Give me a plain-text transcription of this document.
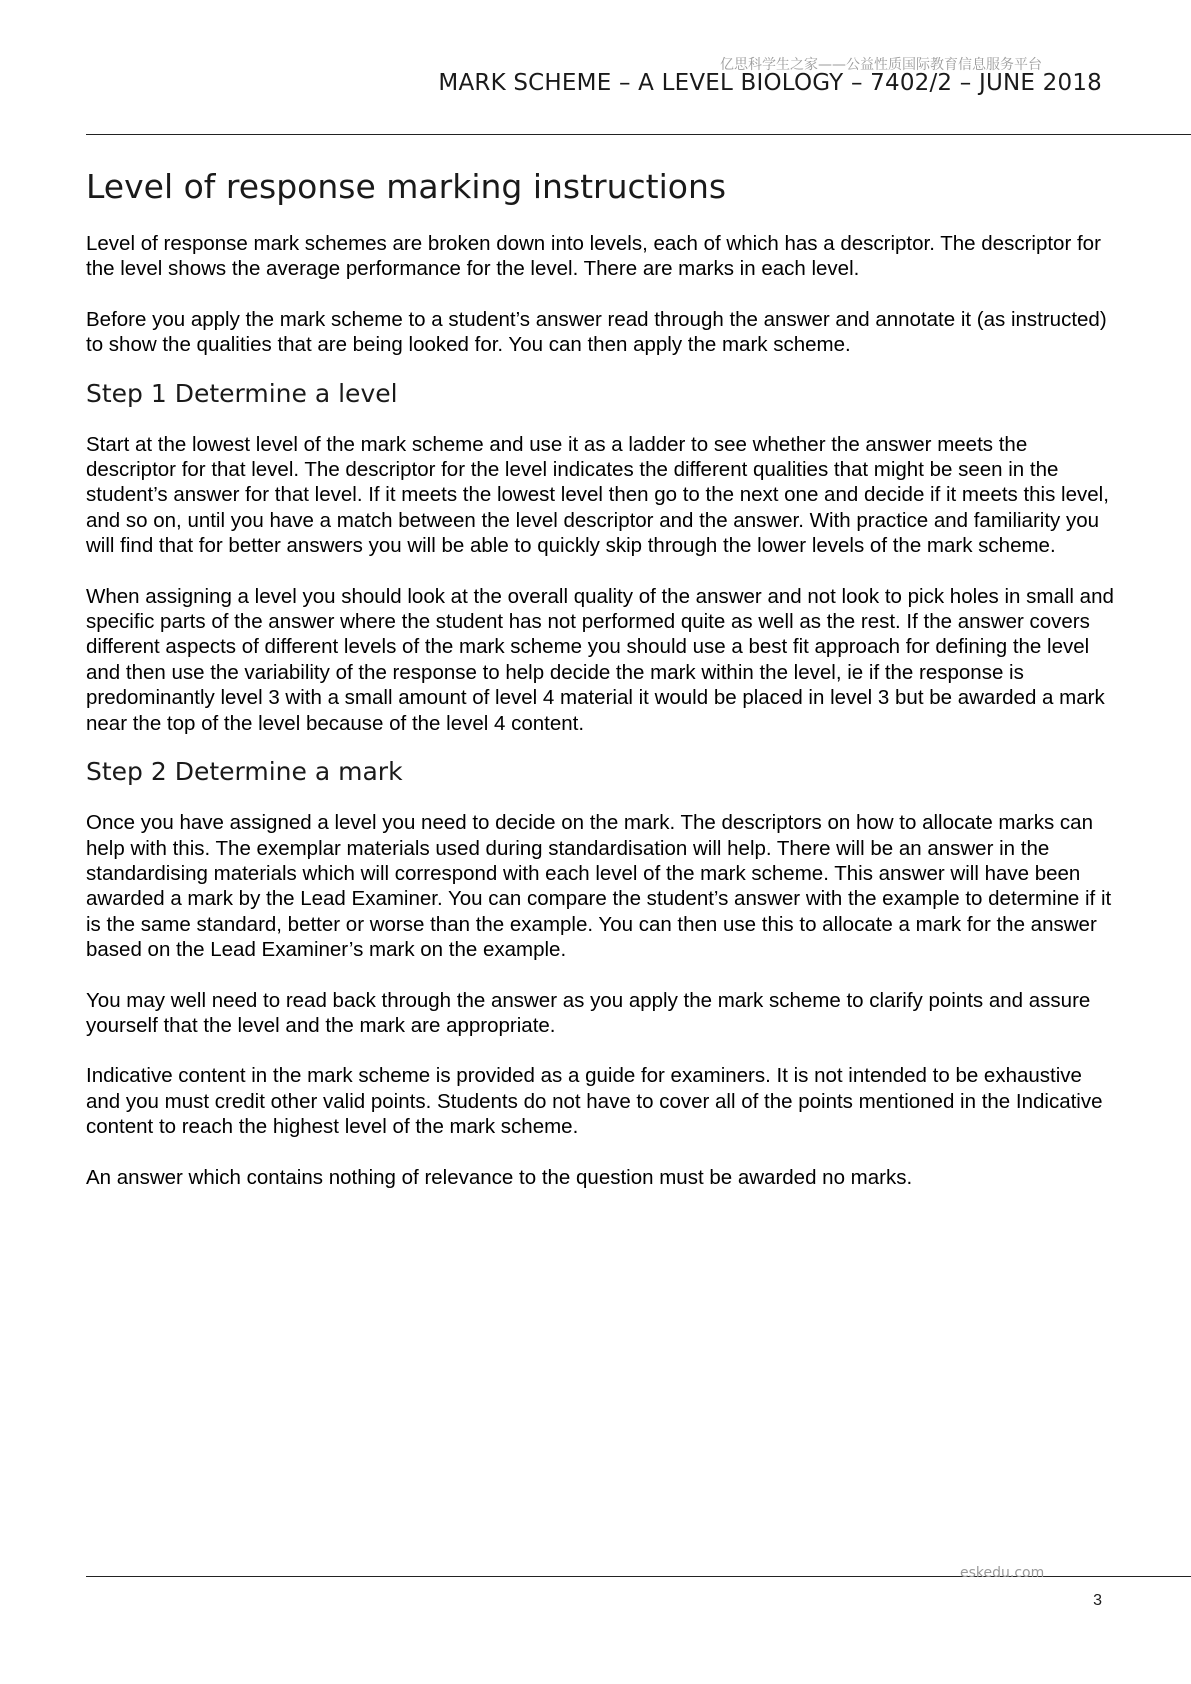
亿思科学生之家——公益性质国际教育信息服务平台
MARK SCHEME – A LEVEL BIOLOGY – 7402/2 – JUNE 2018
Level of response marking instructions

Level of response mark schemes are broken down into levels, each of which has a descriptor. The descriptor for the level shows the average performance for the level. There are marks in each level.

Before you apply the mark scheme to a student’s answer read through the answer and annotate it (as instructed) to show the qualities that are being looked for. You can then apply the mark scheme.

Step 1 Determine a level

Start at the lowest level of the mark scheme and use it as a ladder to see whether the answer meets the descriptor for that level. The descriptor for the level indicates the different qualities that might be seen in the student’s answer for that level. If it meets the lowest level then go to the next one and decide if it meets this level, and so on, until you have a match between the level descriptor and the answer. With practice and familiarity you will find that for better answers you will be able to quickly skip through the lower levels of the mark scheme.

When assigning a level you should look at the overall quality of the answer and not look to pick holes in small and specific parts of the answer where the student has not performed quite as well as the rest. If the answer covers different aspects of different levels of the mark scheme you should use a best fit approach for defining the level and then use the variability of the response to help decide the mark within the level, ie if the response is predominantly level 3 with a small amount of level 4 material it would be placed in level 3 but be awarded a mark near the top of the level because of the level 4 content.

Step 2 Determine a mark

Once you have assigned a level you need to decide on the mark. The descriptors on how to allocate marks can help with this. The exemplar materials used during standardisation will help. There will be an answer in the standardising materials which will correspond with each level of the mark scheme. This answer will have been awarded a mark by the Lead Examiner. You can compare the student’s answer with the example to determine if it is the same standard, better or worse than the example. You can then use this to allocate a mark for the answer based on the Lead Examiner’s mark on the example.

You may well need to read back through the answer as you apply the mark scheme to clarify points and assure yourself that the level and the mark are appropriate.

Indicative content in the mark scheme is provided as a guide for examiners. It is not intended to be exhaustive and you must credit other valid points. Students do not have to cover all of the points mentioned in the Indicative content to reach the highest level of the mark scheme.

An answer which contains nothing of relevance to the question must be awarded no marks.

eskedu.com
3
